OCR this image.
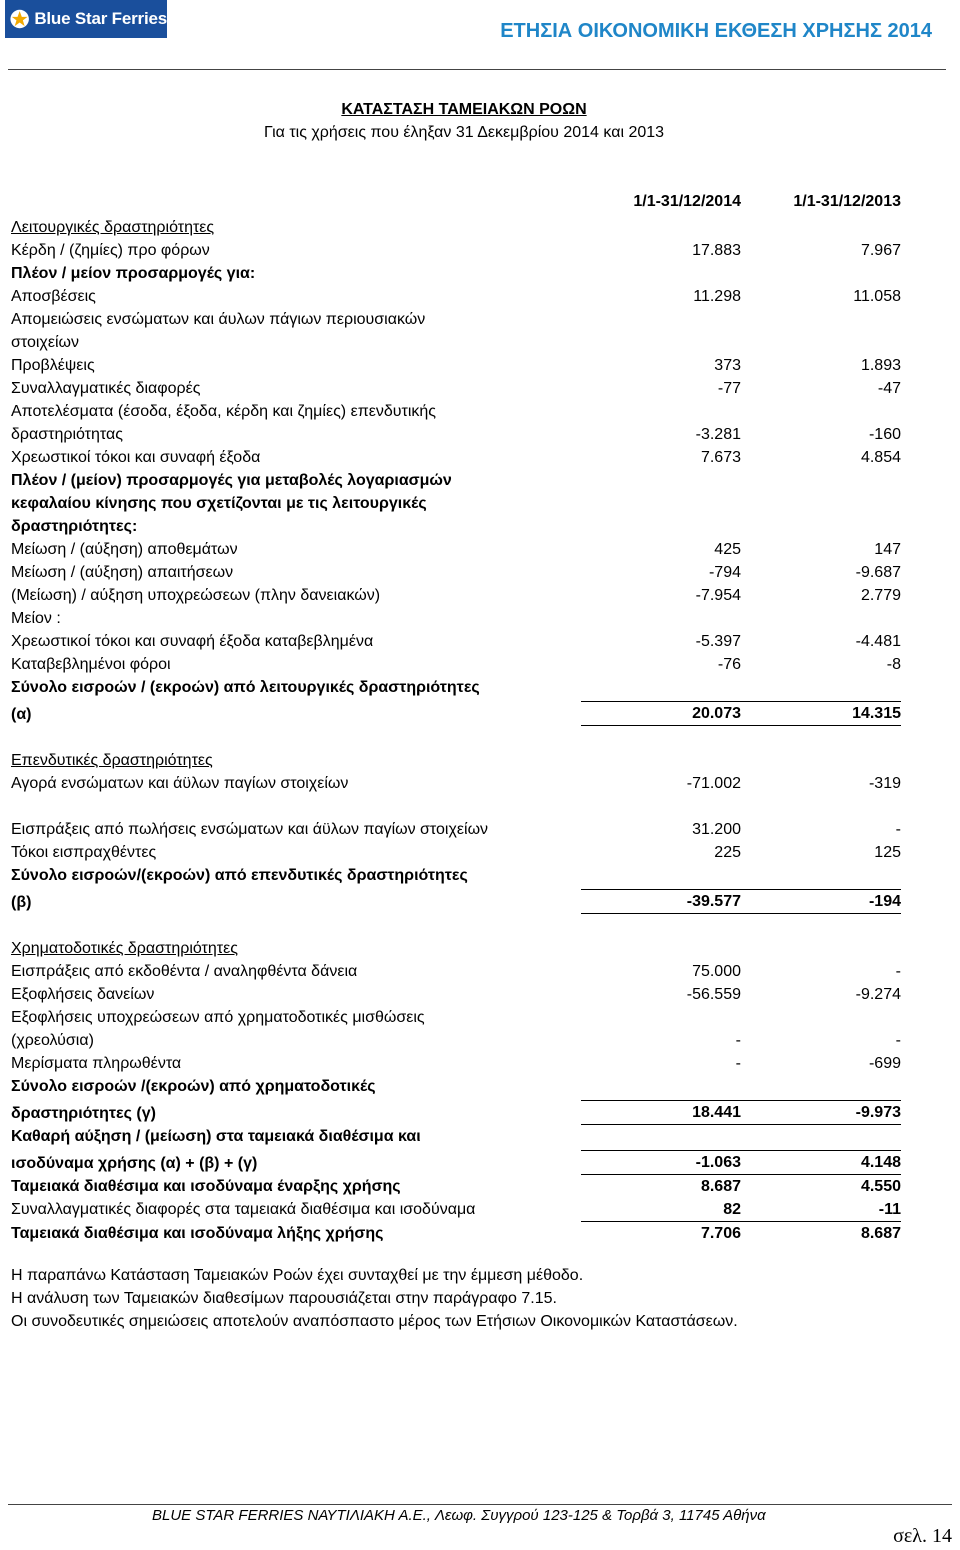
Blue Star Ferries
ΕΤΗΣΙΑ ΟΙΚΟΝΟΜΙΚΗ ΕΚΘΕΣΗ ΧΡΗΣΗΣ 2014
ΚΑΤΑΣΤΑΣΗ ΤΑΜΕΙΑΚΩΝ ΡΟΩΝ
Για τις χρήσεις που έληξαν 31 Δεκεμβρίου 2014 και 2013
1/1-31/12/2014	1/1-31/12/2013
Λειτουργικές δραστηριότητες
Κέρδη / (ζημίες) προ φόρων	17.883	7.967
Πλέον / μείον προσαρμογές για:
Αποσβέσεις	11.298	11.058
Απομειώσεις ενσώματων και άυλων πάγιων περιουσιακών
στοιχείων
Προβλέψεις	373	1.893
Συναλλαγματικές διαφορές	-77	-47
Αποτελέσματα (έσοδα, έξοδα, κέρδη και ζημίες) επενδυτικής
δραστηριότητας	-3.281	-160
Χρεωστικοί τόκοι και συναφή έξοδα	7.673	4.854
Πλέον / (μείον) προσαρμογές για μεταβολές λογαριασμών
κεφαλαίου κίνησης που σχετίζονται με τις λειτουργικές
δραστηριότητες:
Μείωση / (αύξηση) αποθεμάτων	425	147
Μείωση / (αύξηση) απαιτήσεων	-794	-9.687
(Μείωση) / αύξηση υποχρεώσεων (πλην δανειακών)	-7.954	2.779
Μείον :
Χρεωστικοί τόκοι και συναφή έξοδα καταβεβλημένα	-5.397	-4.481
Καταβεβλημένοι φόροι	-76	-8
Σύνολο εισροών / (εκροών) από λειτουργικές δραστηριότητες
(α)	20.073	14.315
Επενδυτικές δραστηριότητες
Αγορά ενσώματων και άϋλων παγίων στοιχείων	-71.002	-319
Εισπράξεις από πωλήσεις ενσώματων και άϋλων παγίων στοιχείων	31.200	-
Τόκοι εισπραχθέντες	225	125
Σύνολο εισροών/(εκροών) από επενδυτικές δραστηριότητες
(β)	-39.577	-194
Χρηματοδοτικές δραστηριότητες
Εισπράξεις από εκδοθέντα / αναληφθέντα δάνεια	75.000	-
Εξοφλήσεις δανείων	-56.559	-9.274
Εξοφλήσεις υποχρεώσεων από χρηματοδοτικές μισθώσεις
(χρεολύσια)	-	-
Μερίσματα πληρωθέντα	-	-699
Σύνολο εισροών /(εκροών) από χρηματοδοτικές
δραστηριότητες (γ)	18.441	-9.973
Καθαρή αύξηση / (μείωση) στα ταμειακά διαθέσιμα και
ισοδύναμα χρήσης (α) + (β) + (γ)	-1.063	4.148
Ταμειακά διαθέσιμα και ισοδύναμα έναρξης χρήσης	8.687	4.550
Συναλλαγματικές διαφορές στα ταμειακά διαθέσιμα και ισοδύναμα	82	-11
Ταμειακά διαθέσιμα και ισοδύναμα λήξης χρήσης	7.706	8.687
Η παραπάνω Κατάσταση Ταμειακών Ροών έχει συνταχθεί με την έμμεση μέθοδο.
Η ανάλυση των Ταμειακών διαθεσίμων παρουσιάζεται στην παράγραφο 7.15.
Οι συνοδευτικές σημειώσεις αποτελούν αναπόσπαστο μέρος των Ετήσιων Οικονομικών Καταστάσεων.
BLUE STAR FERRIES ΝΑΥΤΙΛΙΑΚΗ Α.Ε., Λεωφ. Συγγρού 123-125 & Τορβά 3, 11745 Αθήνα
σελ. 14
